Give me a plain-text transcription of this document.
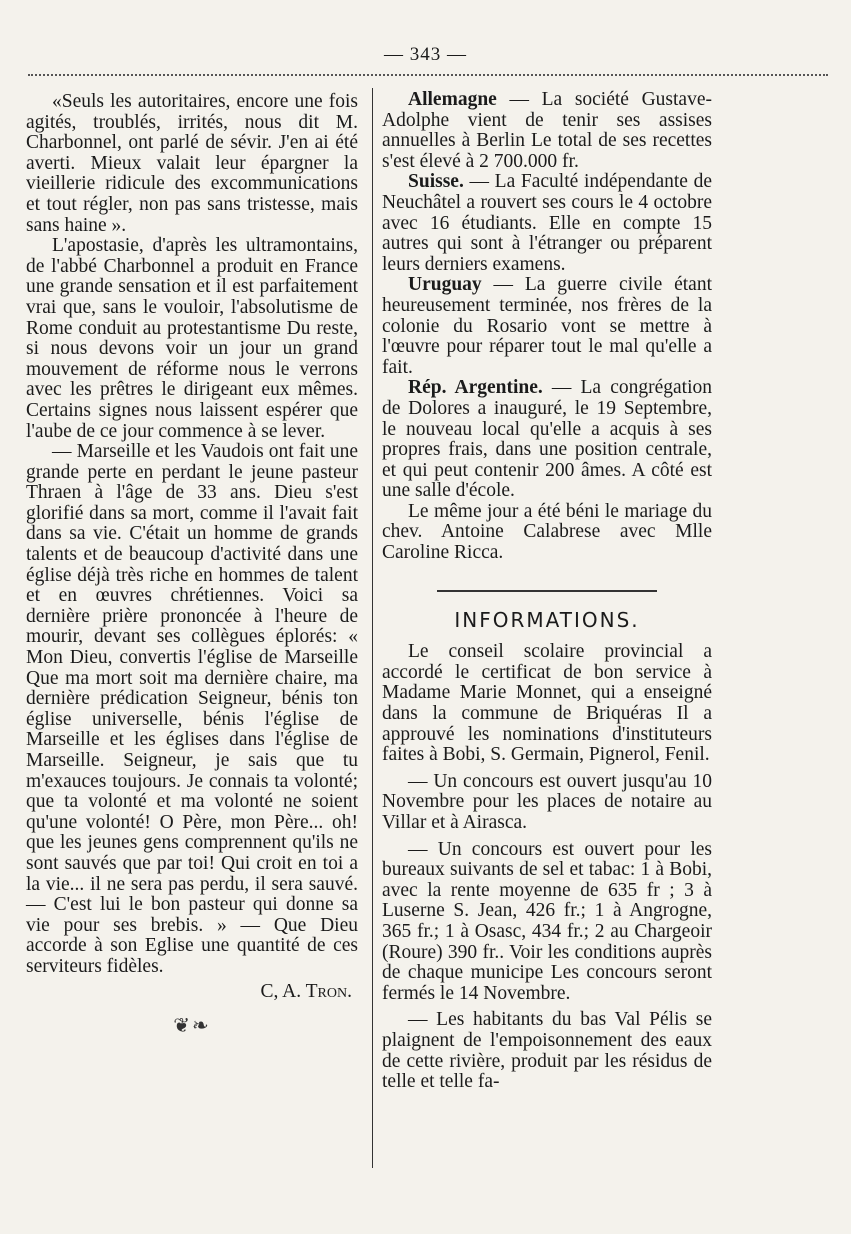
— 343 —

«Seuls les autoritaires, encore une fois agités, troublés, irrités, nous dit M. Charbonnel, ont parlé de sévir. J'en ai été averti. Mieux valait leur épargner la vieillerie ridicule des excommunications et tout régler, non pas sans tristesse, mais sans haine ».

L'apostasie, d'après les ultramontains, de l'abbé Charbonnel a produit en France une grande sensation et il est parfaitement vrai que, sans le vouloir, l'absolutisme de Rome conduit au protestantisme Du reste, si nous devons voir un jour un grand mouvement de réforme nous le verrons avec les prêtres le dirigeant eux mêmes. Certains signes nous laissent espérer que l'aube de ce jour commence à se lever.

— Marseille et les Vaudois ont fait une grande perte en perdant le jeune pasteur Thraen à l'âge de 33 ans. Dieu s'est glorifié dans sa mort, comme il l'avait fait dans sa vie. C'était un homme de grands talents et de beaucoup d'activité dans une église déjà très riche en hommes de talent et en œuvres chrétiennes. Voici sa dernière prière prononcée à l'heure de mourir, devant ses collègues éplorés: « Mon Dieu, convertis l'église de Marseille Que ma mort soit ma dernière chaire, ma dernière prédication Seigneur, bénis ton église universelle, bénis l'église de Marseille et les églises dans l'église de Marseille. Seigneur, je sais que tu m'exauces toujours. Je connais ta volonté; que ta volonté et ma volonté ne soient qu'une volonté! O Père, mon Père... oh! que les jeunes gens comprennent qu'ils ne sont sauvés que par toi! Qui croit en toi a la vie... il ne sera pas perdu, il sera sauvé. — C'est lui le bon pasteur qui donne sa vie pour ses brebis. » — Que Dieu accorde à son Eglise une quantité de ces serviteurs fidèles.

C, A. Tron.

❦❧

Allemagne — La société Gustave-Adolphe vient de tenir ses assises annuelles à Berlin Le total de ses recettes s'est élevé à 2 700.000 fr.

Suisse. — La Faculté indépendante de Neuchâtel a rouvert ses cours le 4 octobre avec 16 étudiants. Elle en compte 15 autres qui sont à l'étranger ou préparent leurs derniers examens.

Uruguay — La guerre civile étant heureusement terminée, nos frères de la colonie du Rosario vont se mettre à l'œuvre pour réparer tout le mal qu'elle a fait.

Rép. Argentine. — La congrégation de Dolores a inauguré, le 19 Septembre, le nouveau local qu'elle a acquis à ses propres frais, dans une position centrale, et qui peut contenir 200 âmes. A côté est une salle d'école.

Le même jour a été béni le mariage du chev. Antoine Calabrese avec Mlle Caroline Ricca.

INFORMATIONS.

Le conseil scolaire provincial a accordé le certificat de bon service à Madame Marie Monnet, qui a enseigné dans la commune de Briquéras Il a approuvé les nominations d'instituteurs faites à Bobi, S. Germain, Pignerol, Fenil.

— Un concours est ouvert jusqu'au 10 Novembre pour les places de notaire au Villar et à Airasca.

— Un concours est ouvert pour les bureaux suivants de sel et tabac: 1 à Bobi, avec la rente moyenne de 635 fr ; 3 à Luserne S. Jean, 426 fr.; 1 à Angrogne, 365 fr.; 1 à Osasc, 434 fr.; 2 au Chargeoir (Roure) 390 fr.. Voir les conditions auprès de chaque municipe Les concours seront fermés le 14 Novembre.

— Les habitants du bas Val Pélis se plaignent de l'empoisonnement des eaux de cette rivière, produit par les résidus de telle et telle fa-
